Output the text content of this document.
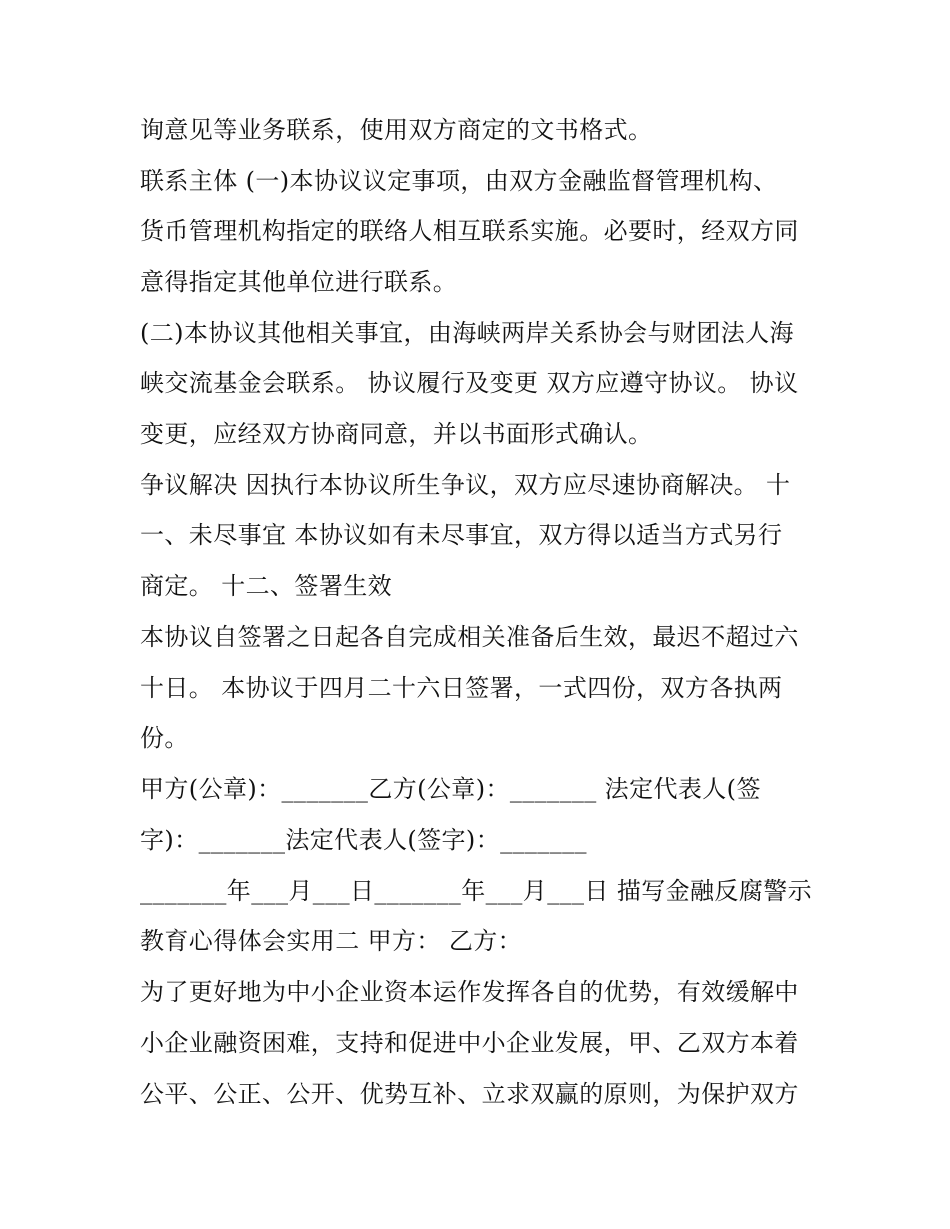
询意见等业务联系，使用双方商定的文书格式。
联系主体 (一)本协议议定事项，由双方金融监督管理机构、
货币管理机构指定的联络人相互联系实施。必要时，经双方同
意得指定其他单位进行联系。
(二)本协议其他相关事宜，由海峡两岸关系协会与财团法人海
峡交流基金会联系。 协议履行及变更 双方应遵守协议。 协议
变更，应经双方协商同意，并以书面形式确认。
争议解决 因执行本协议所生争议，双方应尽速协商解决。 十
一、未尽事宜 本协议如有未尽事宜，双方得以适当方式另行
商定。 十二、签署生效
本协议自签署之日起各自完成相关准备后生效，最迟不超过六
十日。 本协议于四月二十六日签署，一式四份，双方各执两
份。
甲方(公章)：_______乙方(公章)：_______ 法定代表人(签
字)：_______法定代表人(签字)：_______
_______年___月___日_______年___月___日 描写金融反腐警示
教育心得体会实用二 甲方： 乙方：
为了更好地为中小企业资本运作发挥各自的优势，有效缓解中
小企业融资困难，支持和促进中小企业发展，甲、乙双方本着
公平、公正、公开、优势互补、立求双赢的原则，为保护双方
